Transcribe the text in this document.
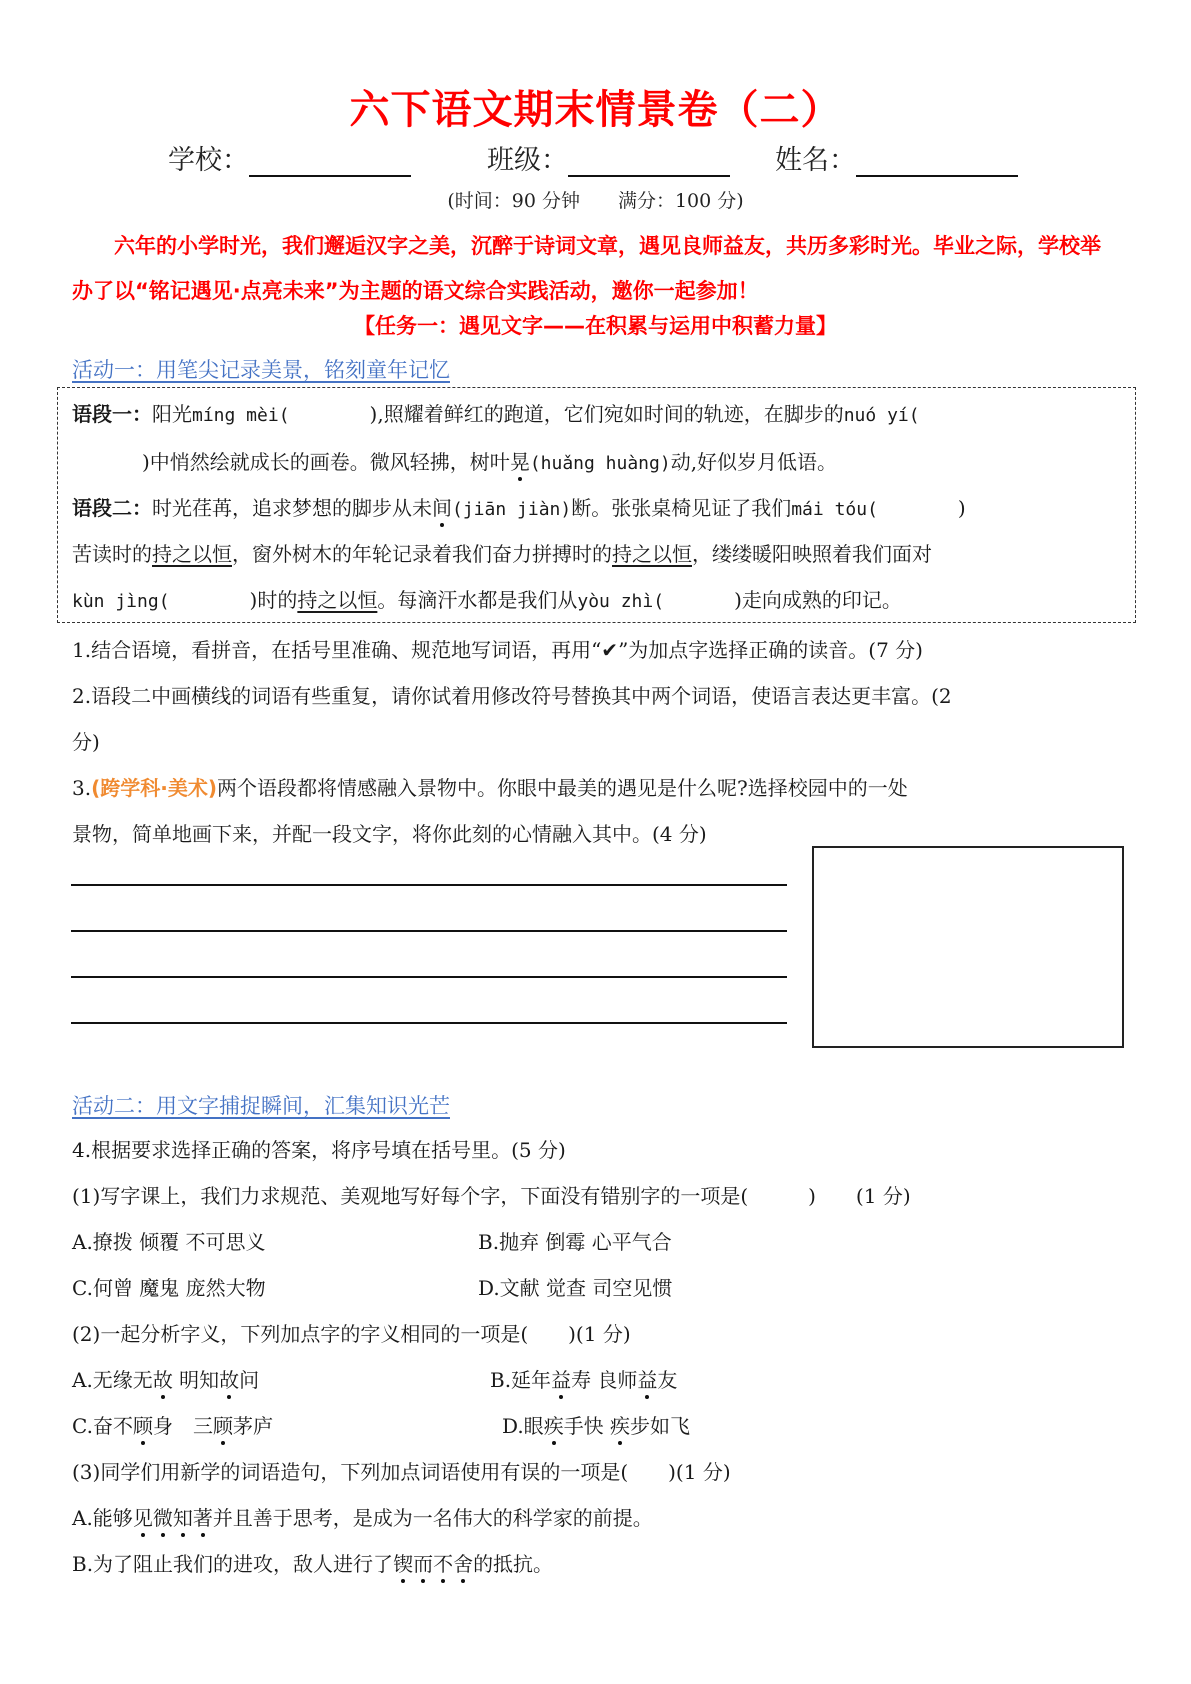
六下语文期末情景卷（二）
学校：	班级：	姓名：
(时间：90 分钟　　满分：100 分)
六年的小学时光，我们邂逅汉字之美，沉醉于诗词文章，遇见良师益友，共历多彩时光。毕业之际，学校举办了以“铭记遇见·点亮未来”为主题的语文综合实践活动，邀你一起参加！
【任务一：遇见文字——在积累与运用中积蓄力量】
活动一：用笔尖记录美景，铭刻童年记忆
语段一：阳光míng mèi(　　　　),照耀着鲜红的跑道，它们宛如时间的轨迹，在脚步的nuó yí(
)中悄然绘就成长的画卷。微风轻拂，树叶晃(huǎng huàng)动,好似岁月低语。
语段二：时光荏苒，追求梦想的脚步从未间(jiān jiàn)断。张张桌椅见证了我们mái tóu(	)
苦读时的持之以恒，窗外树木的年轮记录着我们奋力拼搏时的持之以恒，缕缕暖阳映照着我们面对
kùn jìng(	)时的持之以恒。每滴汗水都是我们从yòu zhì(	)走向成熟的印记。
1.结合语境，看拼音，在括号里准确、规范地写词语，再用“✔”为加点字选择正确的读音。(7 分)
2.语段二中画横线的词语有些重复，请你试着用修改符号替换其中两个词语，使语言表达更丰富。(2
分)
3.(跨学科·美术)两个语段都将情感融入景物中。你眼中最美的遇见是什么呢?选择校园中的一处
景物，简单地画下来，并配一段文字，将你此刻的心情融入其中。(4 分)
活动二：用文字捕捉瞬间，汇集知识光芒
4.根据要求选择正确的答案，将序号填在括号里。(5 分)
(1)写字课上，我们力求规范、美观地写好每个字，下面没有错别字的一项是(　　　)　　(1 分)
A.撩拨 倾覆 不可思义	B.抛弃 倒霉 心平气合
C.何曾 魔鬼 庞然大物	D.文献 觉查 司空见惯
(2)一起分析字义，下列加点字的字义相同的一项是(　　)(1 分)
A.无缘无故 明知故问	B.延年益寿 良师益友
C.奋不顾身　三顾茅庐	D.眼疾手快 疾步如飞
(3)同学们用新学的词语造句，下列加点词语使用有误的一项是(　　)(1 分)
A.能够见微知著并且善于思考，是成为一名伟大的科学家的前提。
B.为了阻止我们的进攻，敌人进行了锲而不舍的抵抗。
